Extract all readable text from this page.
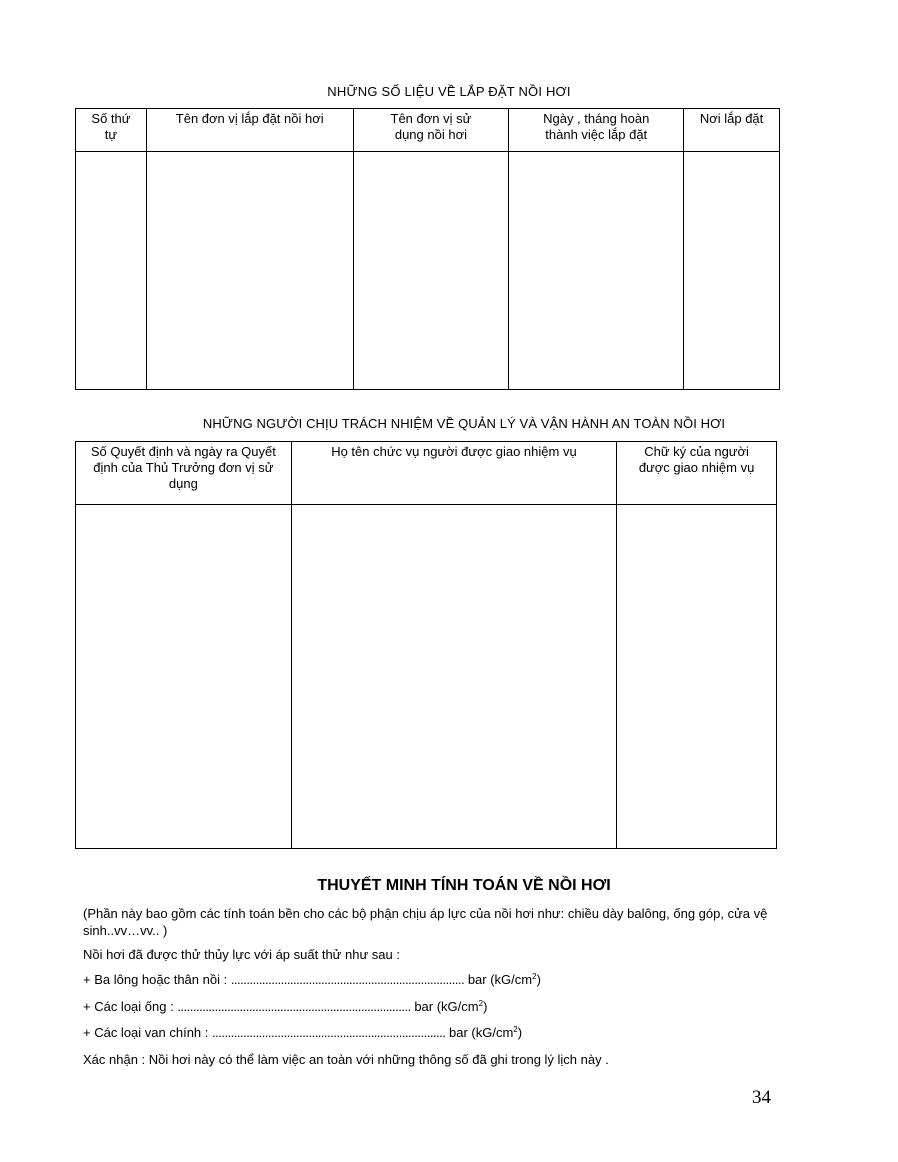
NHỮNG SỐ LIỆU VỀ LẮP ĐẶT NỒI HƠI
Số thứ tự	Tên đơn vị lắp đặt nồi hơi	Tên đơn vị sử dụng nồi hơi	Ngày , tháng hoàn thành việc lắp đặt	Nơi lắp đặt

NHỮNG NGƯỜI CHỊU TRÁCH NHIỆM VỀ QUẢN LÝ VÀ VẬN HÀNH AN TOÀN NỒI HƠI
Số Quyết định và ngày ra Quyết định của Thủ Trưởng đơn vị sử dụng	Họ tên chức vụ người được giao nhiệm vụ	Chữ ký của người được giao nhiệm vụ

THUYẾT MINH TÍNH TOÁN VỀ NỒI HƠI
(Phần này bao gồm các tính toán bền cho các bộ phận chịu áp lực của nồi hơi như: chiều dày balông, ống góp, cửa vệ sinh..vv…vv.. )
Nồi hơi đã được thử thủy lực với áp suất thử như sau :
+ Ba lông hoặc thân nồi : ........................................................................... bar $(kG/cm^2)$
+ Các loại ống : ........................................................................... bar $(kG/cm^2)$
+ Các loại van chính : ........................................................................... bar $(kG/cm^2)$
Xác nhận : Nồi hơi này có thể làm việc an toàn với những thông số đã ghi trong lý lịch này .
34
